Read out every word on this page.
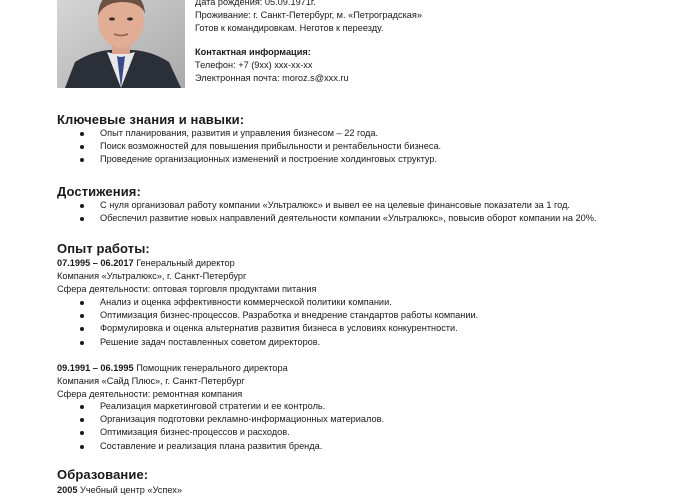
Дата рождения: 05.09.1971г.
Проживание: г. Санкт-Петербург, м. «Петроградская»
Готов к командировкам. Неготов к переезду.
Контактная информация:
Телефон: +7 (9хх) ххх-хх-хх
Электронная почта: moroz.s@xxx.ru
Ключевые знания и навыки:
Опыт планирования, развития и управления бизнесом – 22 года.
Поиск возможностей для повышения прибыльности и рентабельности бизнеса.
Проведение организационных изменений и построение холдинговых структур.
Достижения:
С нуля организовал работу компании «Ультралюкс» и вывел ее на целевые финансовые показатели за 1 год.
Обеспечил развитие новых направлений деятельности компании «Ультралюкс», повысив оборот компании на 20%.
Опыт работы:
07.1995 – 06.2017 Генеральный директор
Компания «Ультралюкс», г. Санкт-Петербург
Сфера деятельности: оптовая торговля продуктами питания
Анализ и оценка эффективности коммерческой политики компании.
Оптимизация бизнес-процессов. Разработка и внедрение стандартов работы компании.
Формулировка и оценка альтернатив развития бизнеса в условиях конкурентности.
Решение задач поставленных советом директоров.
09.1991 – 06.1995 Помощник генерального директора
Компания «Сайд Плюс», г. Санкт-Петербург
Сфера деятельности: ремонтная компания
Реализация маркетинговой стратегии и ее контроль.
Организация подготовки рекламно-информационных материалов.
Оптимизация бизнес-процессов и расходов.
Составление и реализация плана развития бренда.
Образование:
2005 Учебный центр «Успех»
